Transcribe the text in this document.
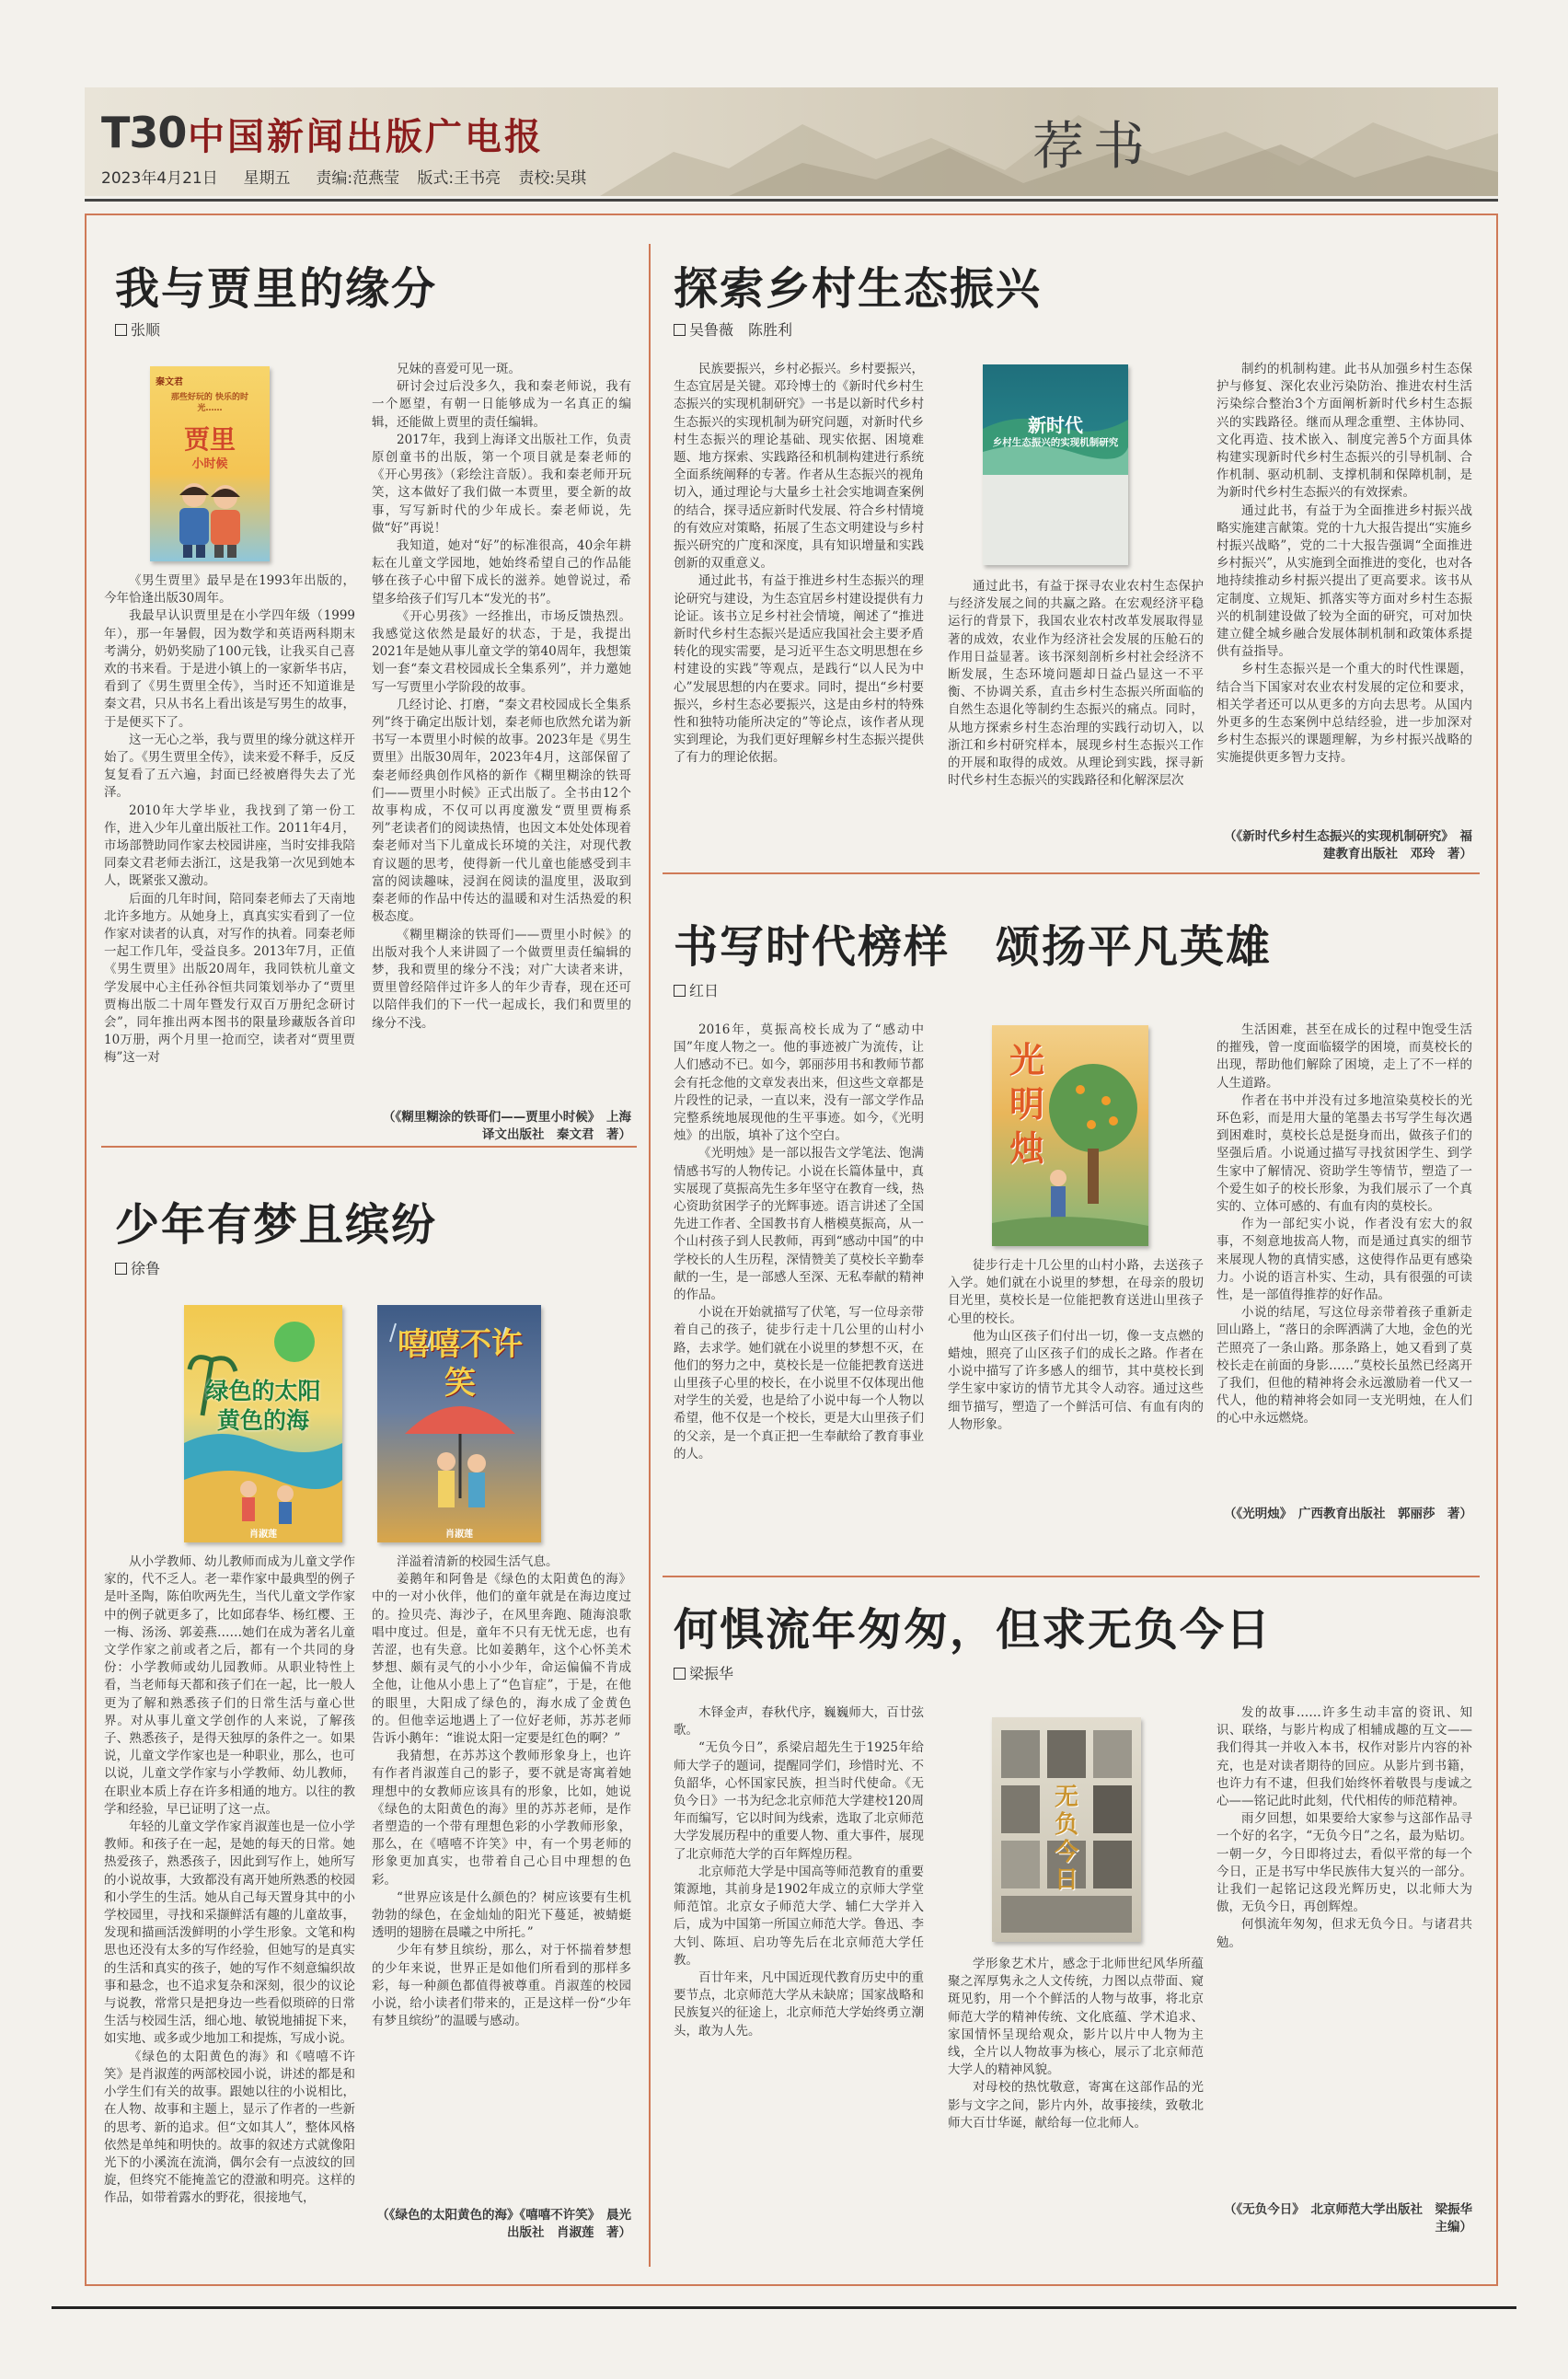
T30 中国新闻出版广电报
2023年4月21日   星期五   责编:范燕莹   版式:王书亮   责校:吴琪
荐书
我与贾里的缘分
张顺
秦文君
那些好玩的 快乐的时光……
贾里
小时候

《男生贾里》最早是在1993年出版的，今年恰逢出版30周年。

我最早认识贾里是在小学四年级（1999年），那一年暑假，因为数学和英语两科期末考满分，奶奶奖励了100元钱，让我买自己喜欢的书来看。于是进小镇上的一家新华书店，看到了《男生贾里全传》，当时还不知道谁是秦文君，只从书名上看出该是写男生的故事，于是便买下了。

这一无心之举，我与贾里的缘分就这样开始了。《男生贾里全传》，读来爱不释手，反反复复看了五六遍，封面已经被磨得失去了光泽。

2010年大学毕业，我找到了第一份工作，进入少年儿童出版社工作。2011年4月，市场部赞助同作家去校园讲座，当时安排我陪同秦文君老师去浙江，这是我第一次见到她本人，既紧张又激动。

后面的几年时间，陪同秦老师去了天南地北许多地方。从她身上，真真实实看到了一位作家对读者的认真，对写作的执着。同秦老师一起工作几年，受益良多。2013年7月，正值《男生贾里》出版20周年，我同铁杭儿童文学发展中心主任孙谷恒共同策划举办了“贾里贾梅出版二十周年暨发行双百万册纪念研讨会”，同年推出两本图书的限量珍藏版各首印10万册，两个月里一抢而空，读者对“贾里贾梅”这一对

兄妹的喜爱可见一斑。

研讨会过后没多久，我和秦老师说，我有一个愿望，有朝一日能够成为一名真正的编辑，还能做上贾里的责任编辑。

2017年，我到上海译文出版社工作，负责原创童书的出版，第一个项目就是秦老师的《开心男孩》（彩绘注音版）。我和秦老师开玩笑，这本做好了我们做一本贾里，要全新的故事，写写新时代的少年成长。秦老师说，先做“好”再说！

我知道，她对“好”的标准很高，40余年耕耘在儿童文学园地，她始终希望自己的作品能够在孩子心中留下成长的滋养。她曾说过，希望多给孩子们写几本“发光的书”。

《开心男孩》一经推出，市场反馈热烈。我感觉这依然是最好的状态，于是，我提出2021年是她从事儿童文学的第40周年，我想策划一套“秦文君校园成长全集系列”，并力邀她写一写贾里小学阶段的故事。

几经讨论、打磨，“秦文君校园成长全集系列”终于确定出版计划，秦老师也欣然允诺为新书写一本贾里小时候的故事。2023年是《男生贾里》出版30周年，2023年4月，这部保留了秦老师经典创作风格的新作《糊里糊涂的铁哥们——贾里小时候》正式出版了。全书由12个故事构成，不仅可以再度激发“贾里贾梅系列”老读者们的阅读热情，也因文本处处体现着秦老师对当下儿童成长环境的关注，对现代教育议题的思考，使得新一代儿童也能感受到丰富的阅读趣味，浸润在阅读的温度里，汲取到秦老师的作品中传达的温暖和对生活热爱的积极态度。

《糊里糊涂的铁哥们——贾里小时候》的出版对我个人来讲圆了一个做贾里责任编辑的梦，我和贾里的缘分不浅；对广大读者来讲，贾里曾经陪伴过许多人的年少青春，现在还可以陪伴我们的下一代一起成长，我们和贾里的缘分不浅。

（《糊里糊涂的铁哥们——贾里小时候》　上海译文出版社　秦文君　著）
少年有梦且缤纷
徐鲁
绿色的太阳 黄色的海
肖淑莲
嘻嘻不许笑
肖淑莲

从小学教师、幼儿教师而成为儿童文学作家的，代不乏人。老一辈作家中最典型的例子是叶圣陶，陈伯吹两先生，当代儿童文学作家中的例子就更多了，比如邱春华、杨红樱、王一梅、汤汤、郭姜燕……她们在成为著名儿童文学作家之前或者之后，都有一个共同的身份：小学教师或幼儿园教师。从职业特性上看，当老师每天都和孩子们在一起，比一般人更为了解和熟悉孩子们的日常生活与童心世界。对从事儿童文学创作的人来说，了解孩子、熟悉孩子，是得天独厚的条件之一。如果说，儿童文学作家也是一种职业，那么，也可以说，儿童文学作家与小学教师、幼儿教师，在职业本质上存在许多相通的地方。以往的教学和经验，早已证明了这一点。

年轻的儿童文学作家肖淑莲也是一位小学教师。和孩子在一起，是她的每天的日常。她热爱孩子，熟悉孩子，因此到写作上，她所写的小说故事，大致都没有离开她所熟悉的校园和小学生的生活。她从自己每天置身其中的小学校园里，寻找和采撷鲜活有趣的儿童故事，发现和描画活泼鲜明的小学生形象。文笔和构思也还没有太多的写作经验，但她写的是真实的生活和真实的孩子，她的写作不刻意编织故事和悬念，也不追求复杂和深刻，很少的议论与说教，常常只是把身边一些看似琐碎的日常生活与校园生活，细心地、敏锐地捕捉下来，如实地、或多或少地加工和提炼，写成小说。

《绿色的太阳黄色的海》和《嘻嘻不许笑》是肖淑莲的两部校园小说，讲述的都是和小学生们有关的故事。跟她以往的小说相比，在人物、故事和主题上，显示了作者的一些新的思考、新的追求。但“文如其人”，整体风格依然是单纯和明快的。故事的叙述方式就像阳光下的小溪流在流淌，偶尔会有一点波纹的回旋，但终究不能掩盖它的澄澈和明亮。这样的作品，如带着露水的野花，很接地气，

洋溢着清新的校园生活气息。

姜鹅年和阿鲁是《绿色的太阳黄色的海》中的一对小伙伴，他们的童年就是在海边度过的。捡贝壳、海沙子，在风里奔跑、随海浪歌唱中度过。但是，童年不只有无忧无虑，也有苦涩，也有失意。比如姜鹅年，这个心怀美术梦想、颇有灵气的小小少年，命运偏偏不肯成全他，让他从小患上了“色盲症”，于是，在他的眼里，大阳成了绿色的，海水成了金黄色的。但他幸运地遇上了一位好老师，苏苏老师告诉小鹅年：“谁说太阳一定要是红色的啊？”

我猜想，在苏苏这个教师形象身上，也许有作者肖淑莲自己的影子，要不就是寄寓着她理想中的女教师应该具有的形象，比如，她说《绿色的太阳黄色的海》里的苏苏老师，是作者塑造的一个带有理想色彩的小学教师形象，那么，在《嘻嘻不许笑》中，有一个男老师的形象更加真实，也带着自己心目中理想的色彩。

“世界应该是什么颜色的？树应该要有生机勃勃的绿色，在金灿灿的阳光下蔓延，被蜻蜓透明的翅膀在晨曦之中所托。”

少年有梦且缤纷，那么，对于怀揣着梦想的少年来说，世界正是如他们所看到的那样多彩，每一种颜色都值得被尊重。肖淑莲的校园小说，给小读者们带来的，正是这样一份“少年有梦且缤纷”的温暖与感动。

（《绿色的太阳黄色的海》《嘻嘻不许笑》　晨光出版社　肖淑莲　著）
探索乡村生态振兴
吴鲁薇　陈胜利

民族要振兴，乡村必振兴。乡村要振兴，生态宜居是关键。邓玲博士的《新时代乡村生态振兴的实现机制研究》一书是以新时代乡村生态振兴的实现机制为研究问题，对新时代乡村生态振兴的理论基础、现实依据、困境难题、地方探索、实践路径和机制构建进行系统全面系统阐释的专著。作者从生态振兴的视角切入，通过理论与大量乡土社会实地调查案例的结合，探寻适应新时代发展、符合乡村情境的有效应对策略，拓展了生态文明建设与乡村振兴研究的广度和深度，具有知识增量和实践创新的双重意义。

通过此书，有益于推进乡村生态振兴的理论研究与建设，为生态宜居乡村建设提供有力论证。该书立足乡村社会情境，阐述了“推进新时代乡村生态振兴是适应我国社会主要矛盾转化的现实需要，是习近平生态文明思想在乡村建设的实践”等观点，是践行“以人民为中心”发展思想的内在要求。同时，提出“乡村要振兴，乡村生态必要振兴，这是由乡村的特殊性和独特功能所决定的”等论点，该作者从现实到理论，为我们更好理解乡村生态振兴提供了有力的理论依据。

新时代
乡村生态振兴的实现机制研究

通过此书，有益于探寻农业农村生态保护与经济发展之间的共赢之路。在宏观经济平稳运行的背景下，我国农业农村改革发展取得显著的成效，农业作为经济社会发展的压舱石的作用日益显著。该书深刻剖析乡村社会经济不断发展，生态环境问题却日益凸显这一不平衡、不协调关系，直击乡村生态振兴所面临的自然生态退化等制约生态振兴的痛点。同时，从地方探索乡村生态治理的实践行动切入，以浙江和乡村研究样本，展现乡村生态振兴工作的开展和取得的成效。从理论到实践，探寻新时代乡村生态振兴的实践路径和化解深层次

制约的机制构建。此书从加强乡村生态保护与修复、深化农业污染防治、推进农村生活污染综合整治3个方面阐析新时代乡村生态振兴的实践路径。继而从理念重塑、主体协同、文化再造、技术嵌入、制度完善5个方面具体构建实现新时代乡村生态振兴的引导机制、合作机制、驱动机制、支撑机制和保障机制，是为新时代乡村生态振兴的有效探索。

通过此书，有益于为全面推进乡村振兴战略实施建言献策。党的十九大报告提出“实施乡村振兴战略”，党的二十大报告强调“全面推进乡村振兴”，从实施到全面推进的变化，也对各地持续推动乡村振兴提出了更高要求。该书从定制度、立规矩、抓落实等方面对乡村生态振兴的机制建设做了较为全面的研究，可对加快建立健全城乡融合发展体制机制和政策体系提供有益指导。

乡村生态振兴是一个重大的时代性课题，结合当下国家对农业农村发展的定位和要求，相关学者还可以从更多的方向去思考。从国内外更多的生态案例中总结经验，进一步加深对乡村生态振兴的课题理解，为乡村振兴战略的实施提供更多智力支持。

（《新时代乡村生态振兴的实现机制研究》　福建教育出版社　邓玲　著）
书写时代榜样　颂扬平凡英雄
红日

2016年，莫振高校长成为了“感动中国”年度人物之一。他的事迹被广为流传，让人们感动不已。如今，郭丽莎用书和教师节都会有托念他的文章发表出来，但这些文章都是片段性的记录，一直以来，没有一部文学作品完整系统地展现他的生平事迹。如今，《光明烛》的出版，填补了这个空白。

《光明烛》是一部以报告文学笔法、饱满情感书写的人物传记。小说在长篇体量中，真实展现了莫振高先生多年坚守在教育一线，热心资助贫困学子的光辉事迹。语言讲述了全国先进工作者、全国教书育人楷模莫振高，从一个山村孩子到人民教师，再到“感动中国”的中学校长的人生历程，深情赞美了莫校长辛勤奉献的一生，是一部感人至深、无私奉献的精神的作品。

小说在开始就描写了伏笔，写一位母亲带着自己的孩子，徒步行走十几公里的山村小路，去求学。她们就在小说里的梦想不灭，在他们的努力之中，莫校长是一位能把教育送进山里孩子心里的校长，在小说里不仅体现出他对学生的关爱，也是给了小说中每一个人物以希望，他不仅是一个校长，更是大山里孩子们的父亲，是一个真正把一生奉献给了教育事业的人。

光明烛

徒步行走十几公里的山村小路，去送孩子入学。她们就在小说里的梦想，在母亲的殷切目光里，莫校长是一位能把教育送进山里孩子心里的校长。

他为山区孩子们付出一切，像一支点燃的蜡烛，照亮了山区孩子们的成长之路。作者在小说中描写了许多感人的细节，其中莫校长到学生家中家访的情节尤其令人动容。通过这些细节描写，塑造了一个鲜活可信、有血有肉的人物形象。

生活困难，甚至在成长的过程中饱受生活的摧残，曾一度面临辍学的困境，而莫校长的出现，帮助他们解除了困境，走上了不一样的人生道路。

作者在书中并没有过多地渲染莫校长的光环色彩，而是用大量的笔墨去书写学生每次遇到困难时，莫校长总是挺身而出，做孩子们的坚强后盾。小说通过描写寻找贫困学生、到学生家中了解情况、资助学生等情节，塑造了一个爱生如子的校长形象，为我们展示了一个真实的、立体可感的、有血有肉的莫校长。

作为一部纪实小说，作者没有宏大的叙事，不刻意地拔高人物，而是通过真实的细节来展现人物的真情实感，这使得作品更有感染力。小说的语言朴实、生动，具有很强的可读性，是一部值得推荐的好作品。

小说的结尾，写这位母亲带着孩子重新走回山路上，“落日的余晖洒满了大地，金色的光芒照亮了一条山路。那条路上，她又看到了莫校长走在前面的身影……”莫校长虽然已经离开了我们，但他的精神将会永远激励着一代又一代人，他的精神将会如同一支光明烛，在人们的心中永远燃烧。

（《光明烛》　广西教育出版社　郭丽莎　著）
何惧流年匆匆，但求无负今日
梁振华

木铎金声，春秋代序，巍巍师大，百廿弦歌。

“无负今日”，系梁启超先生于1925年给师大学子的题词，提醒同学们，珍惜时光、不负韶华，心怀国家民族，担当时代使命。《无负今日》一书为纪念北京师范大学建校120周年而编写，它以时间为线索，选取了北京师范大学发展历程中的重要人物、重大事件，展现了北京师范大学的百年辉煌历程。

北京师范大学是中国高等师范教育的重要策源地，其前身是1902年成立的京师大学堂师范馆。北京女子师范大学、辅仁大学并入后，成为中国第一所国立师范大学。鲁迅、李大钊、陈垣、启功等先后在北京师范大学任教。

百廿年来，凡中国近现代教育历史中的重要节点，北京师范大学从未缺席；国家战略和民族复兴的征途上，北京师范大学始终勇立潮头，敢为人先。

无负今日

学形象艺术片，感念于北师世纪风华所蕴聚之浑厚隽永之人文传统，力图以点带面、窥斑见豹，用一个个鲜活的人物与故事，将北京师范大学的精神传统、文化底蕴、学术追求、家国情怀呈现给观众，影片以片中人物为主线，全片以人物故事为核心，展示了北京师范大学人的精神风貌。

对母校的热忱敬意，寄寓在这部作品的光影与文字之间，影片内外，故事接续，致敬北师大百廿华诞，献给每一位北师人。

发的故事……许多生动丰富的资讯、知识、联络，与影片构成了相辅成趣的互文——我们得其一并收入本书，权作对影片内容的补充，也是对读者期待的回应。从影片到书籍，也许力有不逮，但我们始终怀着敬畏与虔诚之心——铭记此时此刻，代代相传的师范精神。

雨夕回想，如果要给大家参与这部作品寻一个好的名字，“无负今日”之名，最为贴切。一朝一夕，今日即将过去，看似平常的每一个今日，正是书写中华民族伟大复兴的一部分。让我们一起铭记这段光辉历史，以北师大为傲，无负今日，再创辉煌。

何惧流年匆匆，但求无负今日。与诸君共勉。

（《无负今日》　北京师范大学出版社　梁振华　主编）
